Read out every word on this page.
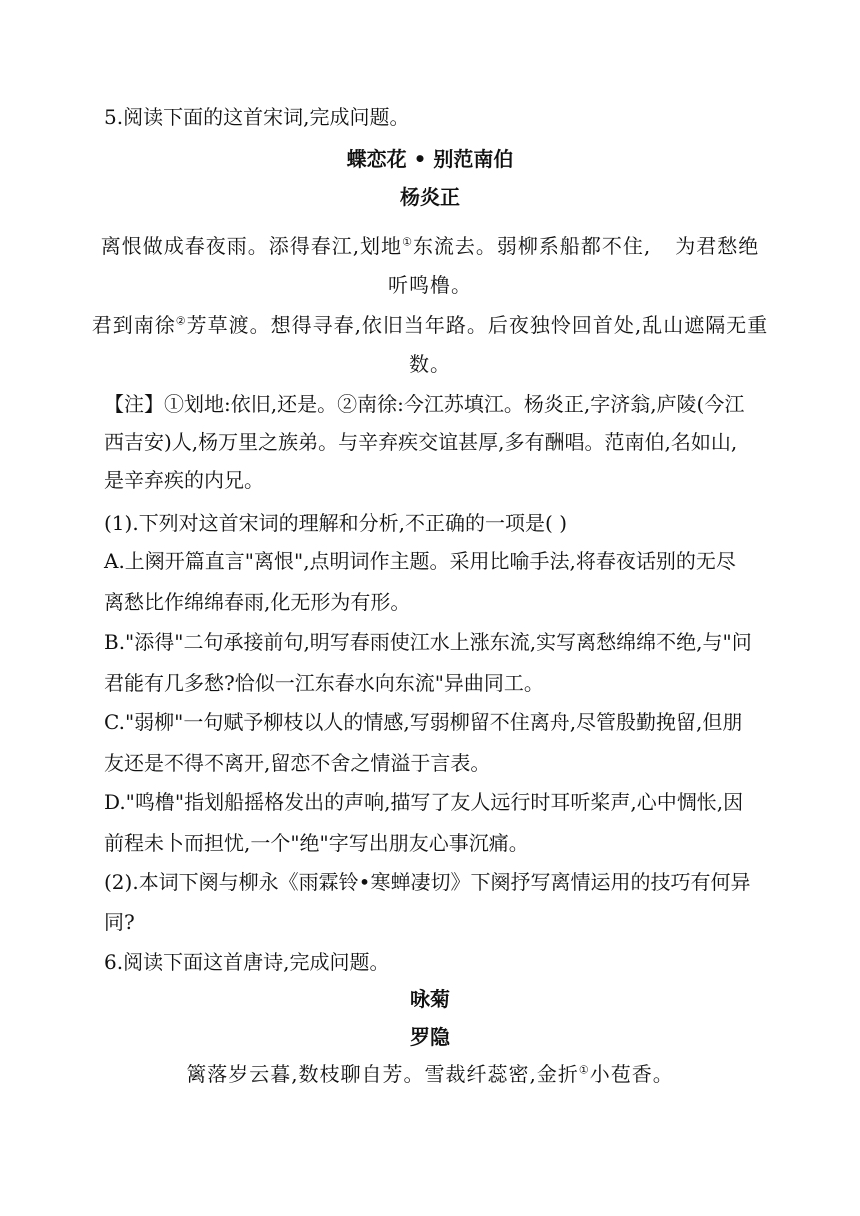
5.阅读下面的这首宋词,完成问题。
蝶恋花 • 别范南伯
杨炎正
离恨做成春夜雨。添得春江,划地①东流去。弱柳系船都不住, 为君愁绝
听鸣橹。
君到南徐②芳草渡。想得寻春,依旧当年路。后夜独怜回首处,乱山遮隔无重
数。
【注】①划地:依旧,还是。②南徐:今江苏填江。杨炎正,字济翁,庐陵(今江
西吉安)人,杨万里之族弟。与辛弃疾交谊甚厚,多有酬唱。范南伯,名如山,
是辛弃疾的内兄。
(1).下列对这首宋词的理解和分析,不正确的一项是( )
A.上阕开篇直言"离恨",点明词作主题。采用比喻手法,将春夜话别的无尽
离愁比作绵绵春雨,化无形为有形。
B."添得"二句承接前句,明写春雨使江水上涨东流,实写离愁绵绵不绝,与"问
君能有几多愁?恰似一江东春水向东流"异曲同工。
C."弱柳"一句赋予柳枝以人的情感,写弱柳留不住离舟,尽管殷勤挽留,但朋
友还是不得不离开,留恋不舍之情溢于言表。
D."鸣橹"指划船摇格发出的声响,描写了友人远行时耳听桨声,心中惆怅,因
前程未卜而担忧,一个"绝"字写出朋友心事沉痛。
(2).本词下阕与柳永《雨霖铃•寒蝉凄切》下阕抒写离情运用的技巧有何异
同?
6.阅读下面这首唐诗,完成问题。
咏菊
罗隐
篱落岁云暮,数枝聊自芳。雪裁纤蕊密,金折①小苞香。
